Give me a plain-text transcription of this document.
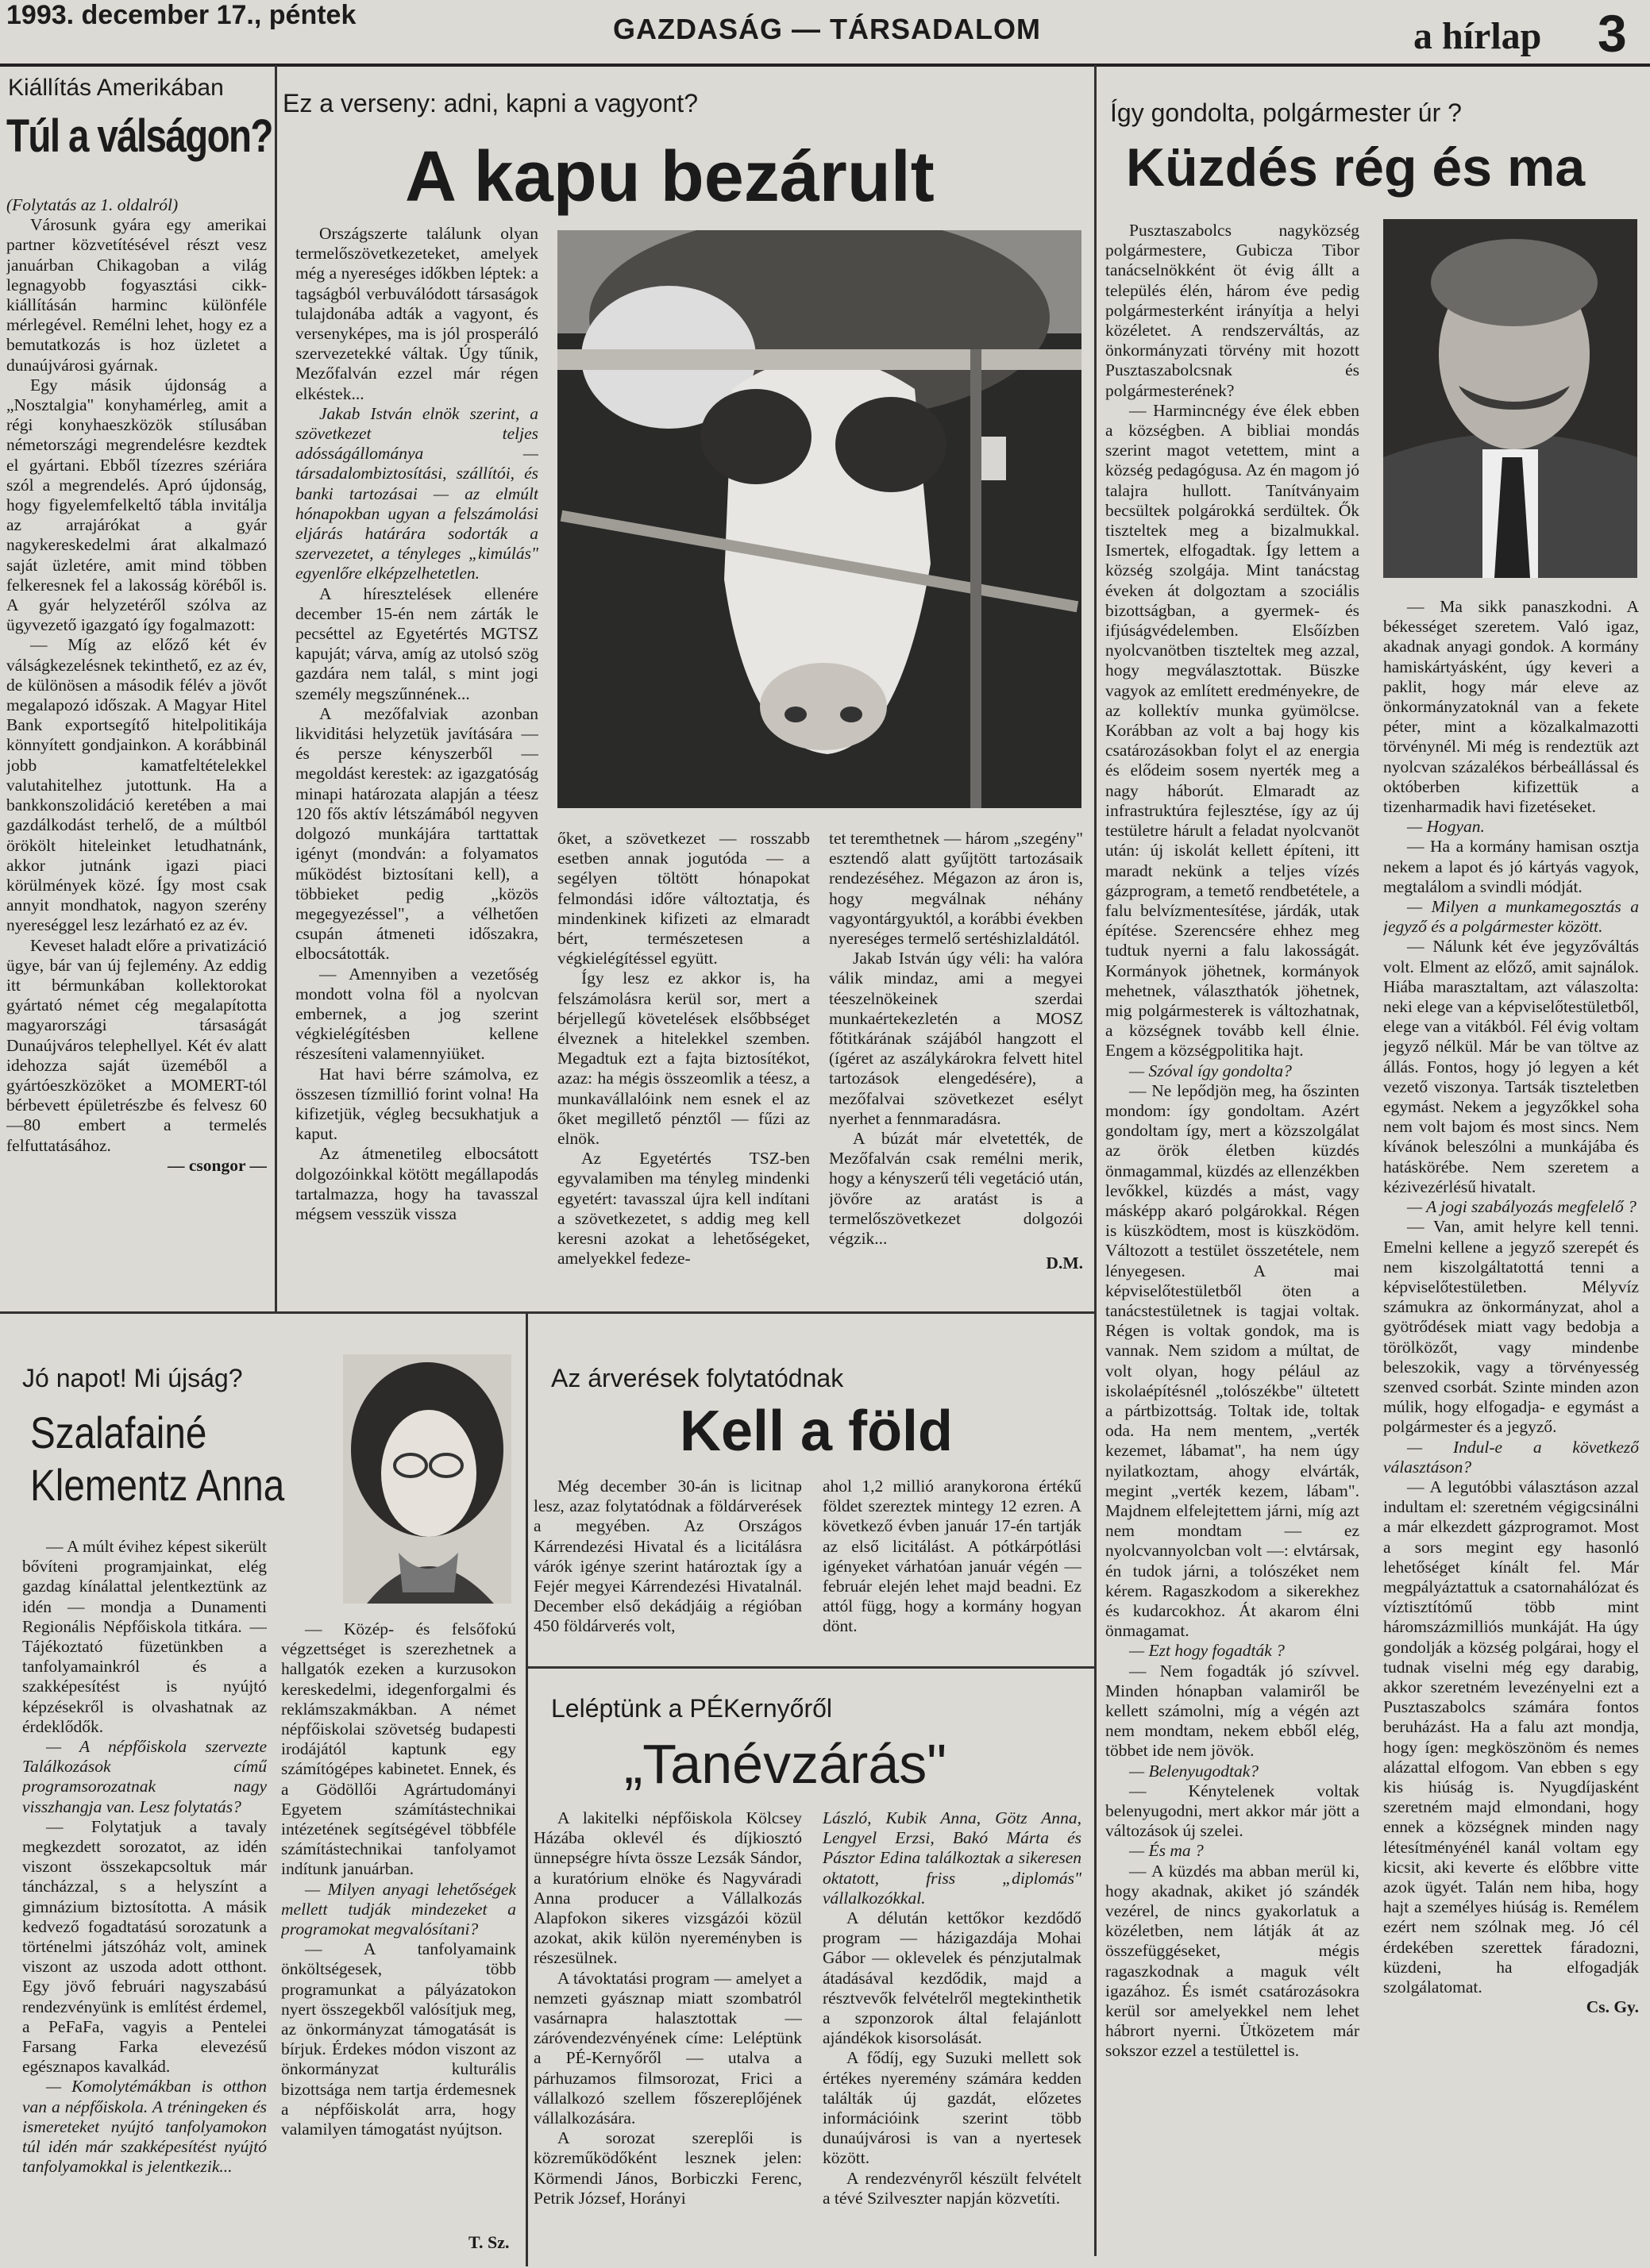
1993. december 17., péntek	GAZDASÁG — TÁRSADALOM	a hírlap 3
Kiállítás Amerikában
Túl a válságon?
(Folytatás az 1. oldalról)

Városunk gyára egy amerikai partner közvetítésével részt vesz januárban Chikagoban a világ legnagyobb fogyasztási cikk-kiállításán harminc különféle mérlegével. Remélni lehet, hogy ez a bemutatkozás is hoz üzletet a dunaújvárosi gyárnak.

Egy másik újdonság a „Nosztalgia" konyhamérleg, amit a régi konyhaeszközök stílusában németországi megrendelésre kezdtek el gyártani. Ebből tízezres szériára szól a megrendelés. Apró újdonság, hogy figyelemfelkeltő tábla invitálja az arrajárókat a gyár nagykereskedelmi árat alkalmazó saját üzletére, amit mind többen felkeresnek fel a lakosság köréből is. A gyár helyzetéről szólva az ügyvezető igazgató így fogalmazott:

— Míg az előző két év válságkezelésnek tekinthető, ez az év, de különösen a második félév a jövőt megalapozó időszak. A Magyar Hitel Bank exportsegítő hitelpolitikája könnyített gondjainkon. A korábbinál jobb kamatfeltételekkel valutahitelhez jutottunk. Ha a bankkonszolidáció keretében a mai gazdálkodást terhelő, de a múltból örökölt hiteleinket letudhatnánk, akkor jutnánk igazi piaci körülmények közé. Így most csak annyit mondhatok, nagyon szerény nyereséggel lesz lezárható ez az év.

Keveset haladt előre a privatizáció ügye, bár van új fejlemény. Az eddig itt bérmunkában kollektorokat gyártató német cég megalapította magyarországi társaságát Dunaújváros telephellyel. Két év alatt idehozza saját üzeméből a gyártóeszközöket a MOMERT-tól bérbevett épületrészbe és felvesz 60—80 embert a termelés felfuttatásához.

— csongor —
Ez a verseny: adni, kapni a vagyont?
A kapu bezárult

Országszerte találunk olyan termelőszövetkezeteket, amelyek még a nyereséges időkben léptek: a tagságból verbuválódott társaságok tulajdonába adták a vagyont, és versenyképes, ma is jól prosperáló szervezetekké váltak. Úgy tűnik, Mezőfalván ezzel már régen elkéstek...

Jakab István elnök szerint, a szövetkezet teljes adósságállománya — társadalombiztosítási, szállítói, és banki tartozásai — az elmúlt hónapokban ugyan a felszámolási eljárás határára sodorták a szervezetet, a tényleges „kimúlás" egyenlőre elképzelhetetlen.

A híresztelések ellenére december 15-én nem zárták le pecséttel az Egyetértés MGTSZ kapuját; várva, amíg az utolsó szög gazdára nem talál, s mint jogi személy megszűnnének...

A mezőfalviak azonban likviditási helyzetük javítására — és persze kényszerből — megoldást kerestek: az igazgatóság minapi határozata alapján a téesz 120 fős aktív létszámából negyven dolgozó munkájára tarttattak igényt (mondván: a folyamatos működést biztosítani kell), a többieket pedig „közös megegyezéssel", a vélhetően csupán átmeneti időszakra, elbocsátották.

— Amennyiben a vezetőség mondott volna föl a nyolcvan embernek, a jog szerint végkielégítésben kellene részesíteni valamennyiüket.

Hat havi bérre számolva, ez összesen tízmillió forint volna! Ha kifizetjük, végleg becsukhatjuk a kaput.

Az átmenetileg elbocsátott dolgozóinkkal kötött megállapodás tartalmazza, hogy ha tavasszal mégsem vesszük vissza

őket, a szövetkezet — rosszabb esetben annak jogutóda — a segélyen töltött hónapokat felmondási időre változtatja, és mindenkinek kifizeti az elmaradt bért, természetesen a végkielégítéssel együtt.

Így lesz ez akkor is, ha felszámolásra kerül sor, mert a bérjellegű követelések elsőbbséget élveznek a hitelekkel szemben. Megadtuk ezt a fajta biztosítékot, azaz: ha mégis összeomlik a téesz, a munkavállalóink nem esnek el az őket megillető pénztől — fűzi az elnök.

Az Egyetértés TSZ-ben egyvalamiben ma tényleg mindenki egyetért: tavasszal újra kell indítani a szövetkezetet, s addig meg kell keresni azokat a lehetőségeket, amelyekkel fedeze-

tet teremthetnek — három „szegény" esztendő alatt gyűjtött tartozásaik rendezéséhez. Mégazon az áron is, hogy megválnak néhány vagyontárgyuktól, a korábbi években nyereséges termelő sertéshizlaldától.

Jakab István úgy véli: ha valóra válik mindaz, ami a megyei téeszelnökeinek szerdai munkaértekezletén a MOSZ főtitkárának szájából hangzott el (ígéret az aszálykárokra felvett hitel tartozások elengedésére), a mezőfalvai szövetkezet esélyt nyerhet a fennmaradásra.

A búzát már elvetették, de Mezőfalván csak remélni merik, hogy a kényszerű téli vegetáció után, jövőre az aratást is a termelőszövetkezet dolgozói végzik...

D.M.
Így gondolta, polgármester úr ?
Küzdés rég és ma

Pusztaszabolcs nagyközség polgármestere, Gubicza Tibor tanácselnökként öt évig állt a település élén, három éve pedig polgármesterként irányítja a helyi közéletet. A rendszerváltás, az önkormányzati törvény mit hozott Pusztaszabolcsnak és polgármesterének?

— Harmincnégy éve élek ebben a községben. A bibliai mondás szerint magot vetettem, mint a község pedagógusa. Az én magom jó talajra hullott. Tanítványaim becsültek polgárokká serdültek. Ők tiszteltek meg a bizalmukkal. Ismertek, elfogadtak. Így lettem a község szolgája. Mint tanácstag éveken át dolgoztam a szociális bizottságban, a gyermek- és ifjúságvédelemben. Elsőízben nyolcvanötben tiszteltek meg azzal, hogy megválasztottak. Büszke vagyok az említett eredményekre, de az kollektív munka gyümölcse. Korábban az volt a baj hogy kis csatározásokban folyt el az energia és elődeim sosem nyerték meg a nagy háborút. Elmaradt az infrastruktúra fejlesztése, így az új testületre hárult a feladat nyolcvanöt után: új iskolát kellett építeni, itt maradt nekünk a teljes vízés gázprogram, a temető rendbetétele, a falu belvízmentesítése, járdák, utak építése. Szerencsére ehhez meg tudtuk nyerni a falu lakosságát. Kormányok jöhetnek, kormányok mehetnek, választhatók jöhetnek, mig polgármesterek is változhatnak, a községnek tovább kell élnie. Engem a községpolitika hajt.

— Szóval így gondolta?

— Ne lepődjön meg, ha őszinten mondom: így gondoltam. Azért gondoltam így, mert a közszolgálat az örök életben küzdés önmagammal, küzdés az ellenzékben levőkkel, küzdés a mást, vagy másképp akaró polgárokkal. Régen is küszködtem, most is küszködöm. Változott a testület összetétele, nem lényegesen. A mai képviselőtestületből öten a tanácstestületnek is tagjai voltak. Régen is voltak gondok, ma is vannak. Nem szidom a múltat, de volt olyan, hogy pélául az iskolaépítésnél „tolószékbe" ültetett a pártbizottság. Toltak ide, toltak oda. Ha nem mentem, „verték kezemet, lábamat", ha nem úgy nyilatkoztam, ahogy elvárták, megint „verték kezem, lábam". Majdnem elfelejtettem járni, míg azt nem mondtam — ez nyolcvannyolcban volt —: elvtársak, én tudok járni, a tolószéket nem kérem. Ragaszkodom a sikerekhez és kudarcokhoz. Át akarom élni önmagamat.

— Ezt hogy fogadták ?

— Nem fogadták jó szívvel. Minden hónapban valamiről be kellett számolni, míg a végén azt nem mondtam, nekem ebből elég, többet ide nem jövök.

— Belenyugodtak?

— Kénytelenek voltak belenyugodni, mert akkor már jött a változások új szelei.

— És ma ?

— A küzdés ma abban merül ki, hogy akadnak, akiket jó szándék vezérel, de nincs gyakorlatuk a közéletben, nem látják át az összefüggéseket, mégis ragaszkodnak a maguk vélt igazához. És ismét csatározásokra kerül sor amelyekkel nem lehet hábrort nyerni. Ütközetem már sokszor ezzel a testülettel is.

— Ma sikk panaszkodni. A békességet szeretem. Való igaz, akadnak anyagi gondok. A kormány hamiskártyásként, úgy keveri a paklit, hogy már eleve az önkormányzatoknál van a fekete péter, mint a közalkalmazotti törvénynél. Mi még is rendeztük azt nyolcvan százalékos bérbeállással és októberben kifizettük a tizenharmadik havi fizetéseket.

— Hogyan.

— Ha a kormány hamisan osztja nekem a lapot és jó kártyás vagyok, megtalálom a svindli módját.

— Milyen a munkamegosztás a jegyző és a polgármester között.

— Nálunk két éve jegyzőváltás volt. Elment az előző, amit sajnálok. Hiába marasztaltam, azt válaszolta: neki elege van a képviselőtestületből, elege van a vitákból. Fél évig voltam jegyző nélkül. Már be van töltve az állás. Fontos, hogy jó legyen a két vezető viszonya. Tartsák tiszteletben egymást. Nekem a jegyzőkkel soha nem volt bajom és most sincs. Nem kívánok beleszólni a munkájába és hatáskörébe. Nem szeretem a kézivezérlésű hivatalt.

— A jogi szabályozás megfelelő ?

— Van, amit helyre kell tenni. Emelni kellene a jegyző szerepét és nem kiszolgáltatottá tenni a képviselőtestületben. Mélyvíz számukra az önkormányzat, ahol a gyötrődések miatt vagy bedobja a törölközőt, vagy mindenbe beleszokik, vagy a törvényesség szenved csorbát. Szinte minden azon múlik, hogy elfogadja- e egymást a polgármester és a jegyző.

— Indul-e a következő választáson?

— A legutóbbi választáson azzal indultam el: szeretném végigcsinálni a már elkezdett gázprogramot. Most a sors megint egy hasonló lehetőséget kínált fel. Már megpályáztattuk a csatornahálózat és víztisztítómű több mint háromszázmilliós munkáját. Ha úgy gondolják a község polgárai, hogy el tudnak viselni még egy darabig, akkor szeretném levezényelni ezt a Pusztaszabolcs számára fontos beruházást. Ha a falu azt mondja, hogy ígen: megköszönöm és nemes alázattal elfogom. Van ebben s egy kis hiúság is. Nyugdíjasként szeretném majd elmondani, hogy ennek a községnek minden nagy létesítményénél kanál voltam egy kicsit, aki keverte és előbbre vitte azok ügyét. Talán nem hiba, hogy hajt a személyes hiúság is. Remélem ezért nem szólnak meg. Jó cél érdekében szerettek fáradozni, küzdeni, ha elfogadják szolgálatomat.

Cs. Gy.
Jó napot! Mi újság?
Szalafainé
Klementz Anna

— A múlt évihez képest sikerült bővíteni programjainkat, elég gazdag kínálattal jelentkeztünk az idén — mondja a Dunamenti Regionális Népfőiskola titkára. — Tájékoztató füzetünkben a tanfolyamainkról és a szakképesítést is nyújtó képzésekről is olvashatnak az érdeklődők.

— A népfőiskola szervezte Találkozások című programsorozatnak nagy visszhangja van. Lesz folytatás?

— Folytatjuk a tavaly megkezdett sorozatot, az idén viszont összekapcsoltuk már táncházzal, s a helyszínt a gimnázium biztosította. A másik kedvező fogadtatású sorozatunk a történelmi játszóház volt, aminek viszont az uszoda adott otthont. Egy jövő februári nagyszabású rendezvényünk is említést érdemel, a PeFaFa, vagyis a Pentelei Farsang Farka elevezésű egésznapos kavalkád.

— Komolytémákban is otthon van a népfőiskola. A tréningeken és ismereteket nyújtó tanfolyamokon túl idén már szakképesítést nyújtó tanfolyamokkal is jelentkezik...

— Közép- és felsőfokú végzettséget is szerezhetnek a hallgatók ezeken a kurzusokon kereskedelmi, idegenforgalmi és reklámszakmákban. A német népfőiskolai szövetség budapesti irodájától kaptunk egy számítógépes kabinetet. Ennek, és a Gödöllői Agrártudományi Egyetem számítástechnikai intézetének segítségével többféle számítástechnikai tanfolyamot indítunk januárban.

— Milyen anyagi lehetőségek mellett tudják mindezeket a programokat megvalósítani?

— A tanfolyamaink önköltségesek, több programunkat a pályázatokon nyert összegekből valósítjuk meg, az önkormányzat támogatását is bírjuk. Érdekes módon viszont az önkormányzat kulturális bizottsága nem tartja érdemesnek a népfőiskolát arra, hogy valamilyen támogatást nyújtson.

T. Sz.
Az árverések folytatódnak
Kell a föld

Még december 30-án is licitnap lesz, azaz folytatódnak a földárverések a megyében. Az Országos Kárrendezési Hivatal és a licitálásra várók igénye szerint határoztak így a Fejér megyei Kárrendezési Hivatalnál. December első dekádjáig a régióban 450 földárverés volt,

ahol 1,2 millió aranykorona értékű földet szereztek mintegy 12 ezren. A következő évben január 17-én tartják az első licitálást. A pótkárpótlási igényeket várhatóan január végén — február elején lehet majd beadni. Ez attól függ, hogy a kormány hogyan dönt.
Leléptünk a PÉKernyőről
„Tanévzárás"

A lakitelki népfőiskola Kölcsey Házába oklevél és díjkiosztó ünnepségre hívta össze Lezsák Sándor, a kuratórium elnöke és Nagyváradi Anna producer a Vállalkozás Alapfokon sikeres vizsgázói közül azokat, akik külön nyereményben is részesülnek.

A távoktatási program — amelyet a nemzeti gyásznap miatt szombatról vasárnapra halasztottak — záróvendezvényének címe: Leléptünk a PÉ-Kernyőről — utalva a párhuzamos filmsorozat, Frici a vállalkozó szellem főszereplőjének vállalkozására.

A sorozat szereplői is közreműködőként lesznek jelen: Körmendi János, Borbiczki Ferenc, Petrik József, Horányi

László, Kubik Anna, Götz Anna, Lengyel Erzsi, Bakó Márta és Pásztor Edina találkoztak a sikeresen oktatott, friss „diplomás" vállalkozókkal.

A délután kettőkor kezdődő program — házigazdája Mohai Gábor — oklevelek és pénzjutalmak átadásával kezdődik, majd a résztvevők felvételről megtekinthetik a szponzorok által felajánlott ajándékok kisorsolását.

A fődíj, egy Suzuki mellett sok értékes nyeremény számára kedden találták új gazdát, előzetes információink szerint több dunaújvárosi is van a nyertesek között.

A rendezvényről készült felvételt a tévé Szilveszter napján közvetíti.
